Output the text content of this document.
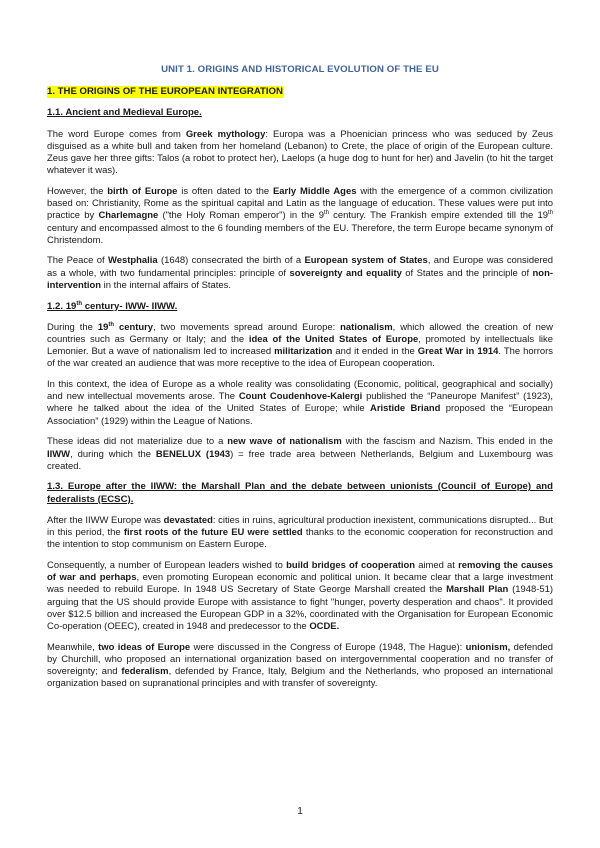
UNIT 1. ORIGINS AND HISTORICAL EVOLUTION OF THE EU
1. THE ORIGINS OF THE EUROPEAN INTEGRATION
1.1. Ancient and Medieval Europe.

The word Europe comes from Greek mythology: Europa was a Phoenician princess who was seduced by Zeus disguised as a white bull and taken from her homeland (Lebanon) to Crete, the place of origin of the European culture. Zeus gave her three gifts: Talos (a robot to protect her), Laelops (a huge dog to hunt for her) and Javelin (to hit the target whatever it was).

However, the birth of Europe is often dated to the Early Middle Ages with the emergence of a common civilization based on: Christianity, Rome as the spiritual capital and Latin as the language of education. These values were put into practice by Charlemagne ("the Holy Roman emperor") in the 9th century. The Frankish empire extended till the 19th century and encompassed almost to the 6 founding members of the EU. Therefore, the term Europe became synonym of Christendom.

The Peace of Westphalia (1648) consecrated the birth of a European system of States, and Europe was considered as a whole, with two fundamental principles: principle of sovereignty and equality of States and the principle of non-intervention in the internal affairs of States.

1.2. 19th century- IWW- IIWW.

During the 19th century, two movements spread around Europe: nationalism, which allowed the creation of new countries such as Germany or Italy; and the idea of the United States of Europe, promoted by intellectuals like Lemonier. But a wave of nationalism led to increased militarization and it ended in the Great War in 1914. The horrors of the war created an audience that was more receptive to the idea of European cooperation.

In this context, the idea of Europe as a whole reality was consolidating (Economic, political, geographical and socially) and new intellectual movements arose. The Count Coudenhove-Kalergi published the “Paneurope Manifest” (1923), where he talked about the idea of the United States of Europe; while Aristide Briand proposed the “European Association” (1929) within the League of Nations.

These ideas did not materialize due to a new wave of nationalism with the fascism and Nazism. This ended in the IIWW, during which the BENELUX (1943) = free trade area between Netherlands, Belgium and Luxembourg was created.

1.3. Europe after the IIWW: the Marshall Plan and the debate between unionists (Council of Europe) and federalists (ECSC).

After the IIWW Europe was devastated: cities in ruins, agricultural production inexistent, communications disrupted... But in this period, the first roots of the future EU were settled thanks to the economic cooperation for reconstruction and the intention to stop communism on Eastern Europe.

Consequently, a number of European leaders wished to build bridges of cooperation aimed at removing the causes of war and perhaps, even promoting European economic and political union. It became clear that a large investment was needed to rebuild Europe. In 1948 US Secretary of State George Marshall created the Marshall Plan (1948-51) arguing that the US should provide Europe with assistance to fight "hunger, poverty desperation and chaos". It provided over $12.5 billion and increased the European GDP in a 32%, coordinated with the Organisation for European Economic Co-operation (OEEC), created in 1948 and predecessor to the OCDE.

Meanwhile, two ideas of Europe were discussed in the Congress of Europe (1948, The Hague): unionism, defended by Churchill, who proposed an international organization based on intergovernmental cooperation and no transfer of sovereignty; and federalism, defended by France, Italy, Belgium and the Netherlands, who proposed an international organization based on supranational principles and with transfer of sovereignty.

1
